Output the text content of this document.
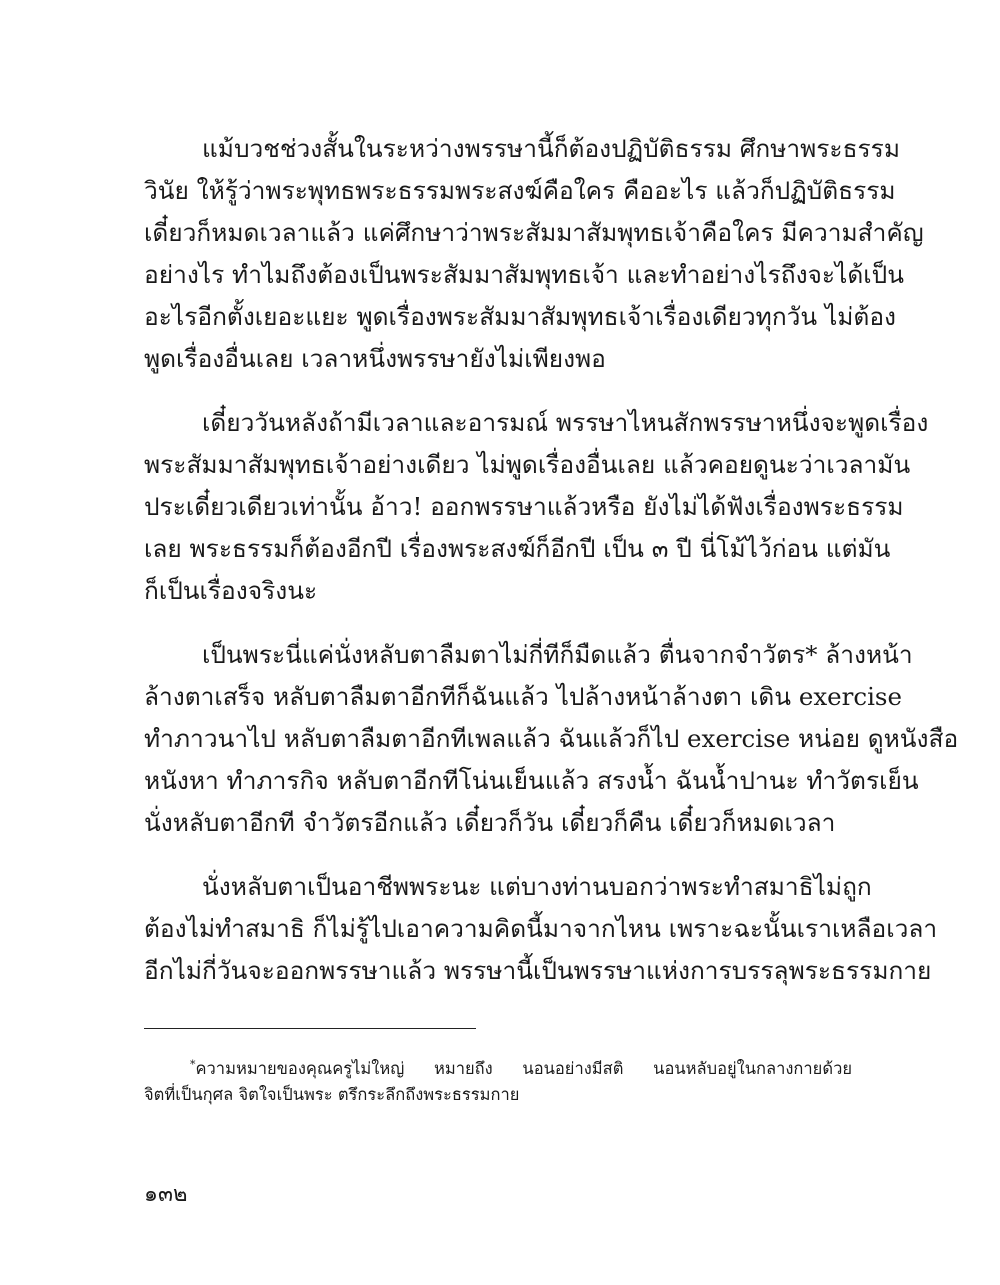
แม้บวชช่วงสั้นในระหว่างพรรษานี้ก็ต้องปฏิบัติธรรม ศึกษาพระธรรม
วินัย ให้รู้ว่าพระพุทธพระธรรมพระสงฆ์คือใคร คืออะไร แล้วก็ปฏิบัติธรรม
เดี๋ยวก็หมดเวลาแล้ว แค่ศึกษาว่าพระสัมมาสัมพุทธเจ้าคือใคร มีความสำคัญ
อย่างไร ทำไมถึงต้องเป็นพระสัมมาสัมพุทธเจ้า และทำอย่างไรถึงจะได้เป็น
อะไรอีกตั้งเยอะแยะ พูดเรื่องพระสัมมาสัมพุทธเจ้าเรื่องเดียวทุกวัน ไม่ต้อง
พูดเรื่องอื่นเลย เวลาหนึ่งพรรษายังไม่เพียงพอ
เดี๋ยววันหลังถ้ามีเวลาและอารมณ์ พรรษาไหนสักพรรษาหนึ่งจะพูดเรื่อง
พระสัมมาสัมพุทธเจ้าอย่างเดียว ไม่พูดเรื่องอื่นเลย แล้วคอยดูนะว่าเวลามัน
ประเดี๋ยวเดียวเท่านั้น อ้าว! ออกพรรษาแล้วหรือ ยังไม่ได้ฟังเรื่องพระธรรม
เลย พระธรรมก็ต้องอีกปี เรื่องพระสงฆ์ก็อีกปี เป็น ๓ ปี นี่โม้ไว้ก่อน แต่มัน
ก็เป็นเรื่องจริงนะ
เป็นพระนี่แค่นั่งหลับตาลืมตาไม่กี่ทีก็มืดแล้ว ตื่นจากจำวัตร* ล้างหน้า
ล้างตาเสร็จ หลับตาลืมตาอีกทีก็ฉันแล้ว ไปล้างหน้าล้างตา เดิน exercise
ทำภาวนาไป หลับตาลืมตาอีกทีเพลแล้ว ฉันแล้วก็ไป exercise หน่อย ดูหนังสือ
หนังหา ทำภารกิจ หลับตาอีกทีโน่นเย็นแล้ว สรงน้ำ ฉันน้ำปานะ ทำวัตรเย็น
นั่งหลับตาอีกที จำวัตรอีกแล้ว เดี๋ยวก็วัน เดี๋ยวก็คืน เดี๋ยวก็หมดเวลา
นั่งหลับตาเป็นอาชีพพระนะ แต่บางท่านบอกว่าพระทำสมาธิไม่ถูก
ต้องไม่ทำสมาธิ ก็ไม่รู้ไปเอาความคิดนี้มาจากไหน เพราะฉะนั้นเราเหลือเวลา
อีกไม่กี่วันจะออกพรรษาแล้ว พรรษานี้เป็นพรรษาแห่งการบรรลุพระธรรมกาย
*ความหมายของคุณครูไม่ใหญ่ หมายถึง นอนอย่างมีสติ นอนหลับอยู่ในกลางกายด้วย
จิตที่เป็นกุศล จิตใจเป็นพระ ตรึกระลึกถึงพระธรรมกาย
๑๓๒
